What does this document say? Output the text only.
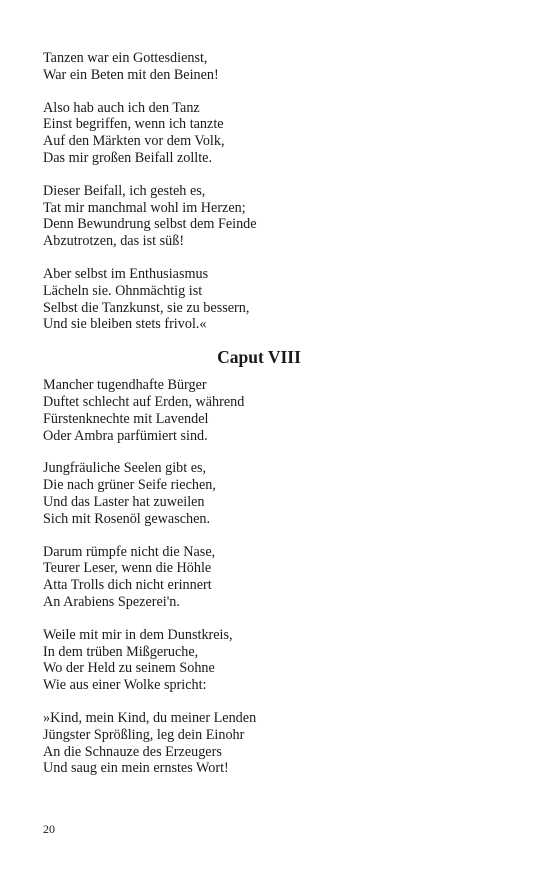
Tanzen war ein Gottesdienst,
War ein Beten mit den Beinen!
Also hab auch ich den Tanz
Einst begriffen, wenn ich tanzte
Auf den Märkten vor dem Volk,
Das mir großen Beifall zollte.
Dieser Beifall, ich gesteh es,
Tat mir manchmal wohl im Herzen;
Denn Bewundrung selbst dem Feinde
Abzutrotzen, das ist süß!
Aber selbst im Enthusiasmus
Lächeln sie. Ohnmächtig ist
Selbst die Tanzkunst, sie zu bessern,
Und sie bleiben stets frivol.«
Caput VIII
Mancher tugendhafte Bürger
Duftet schlecht auf Erden, während
Fürstenknechte mit Lavendel
Oder Ambra parfümiert sind.
Jungfräuliche Seelen gibt es,
Die nach grüner Seife riechen,
Und das Laster hat zuweilen
Sich mit Rosenöl gewaschen.
Darum rümpfe nicht die Nase,
Teurer Leser, wenn die Höhle
Atta Trolls dich nicht erinnert
An Arabiens Spezerei'n.
Weile mit mir in dem Dunstkreis,
In dem trüben Mißgeruche,
Wo der Held zu seinem Sohne
Wie aus einer Wolke spricht:
»Kind, mein Kind, du meiner Lenden
Jüngster Sprößling, leg dein Einohr
An die Schnauze des Erzeugers
Und saug ein mein ernstes Wort!
20
